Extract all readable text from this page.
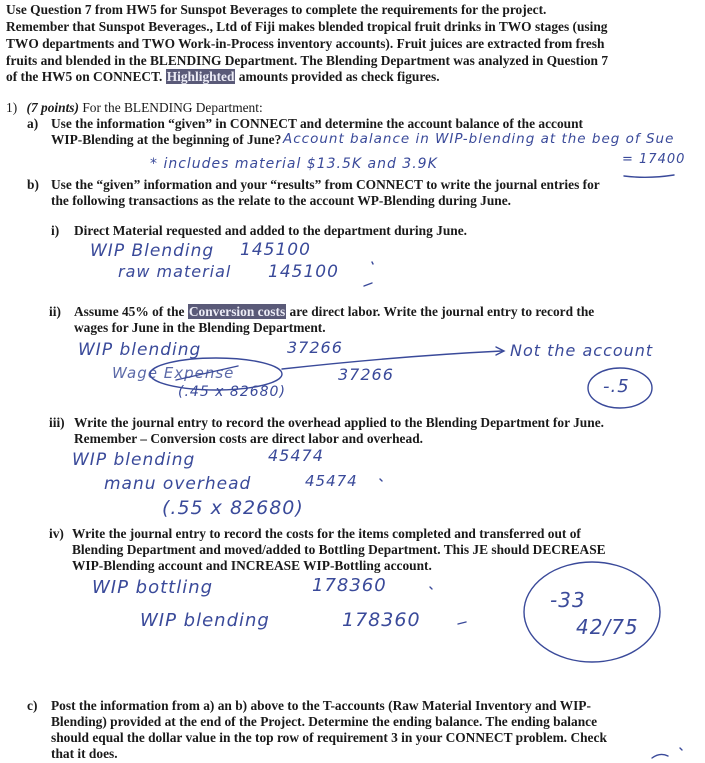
Use Question 7 from HW5 for Sunspot Beverages to complete the requirements for the project.
Remember that Sunspot Beverages., Ltd of Fiji makes blended tropical fruit drinks in TWO stages (using
TWO departments and TWO Work-in-Process inventory accounts). Fruit juices are extracted from fresh
fruits and blended in the BLENDING Department. The Blending Department was analyzed in Question 7
of the HW5 on CONNECT. Highlighted amounts provided as check figures.
1) (7 points) For the BLENDING Department:
a) Use the information “given” in CONNECT and determine the account balance of the account
WIP-Blending at the beginning of June? Account balance in WIP-blending at the beg of Sue
* includes material $13.5K and 3.9K	= 17400
b) Use the “given” information and your “results” from CONNECT to write the journal entries for
the following transactions as the relate to the account WP-Blending during June.
i) Direct Material requested and added to the department during June.
WIP Blending 145100
raw material 145100
ii) Assume 45% of the Conversion costs are direct labor. Write the journal entry to record the
wages for June in the Blending Department.
WIP blending	37266
Wage Expense	37266
(.45 x 82680)
Not the account
-.5
iii) Write the journal entry to record the overhead applied to the Blending Department for June.
Remember – Conversion costs are direct labor and overhead.
WIP blending	45474
manu overhead	45474
(.55 x 82680)
iv) Write the journal entry to record the costs for the items completed and transferred out of
Blending Department and moved/added to Bottling Department. This JE should DECREASE
WIP-Blending account and INCREASE WIP-Bottling account.
WIP bottling	178360
WIP blending	178360
-33
42/75
c) Post the information from a) an b) above to the T-accounts (Raw Material Inventory and WIP-
Blending) provided at the end of the Project. Determine the ending balance. The ending balance
should equal the dollar value in the top row of requirement 3 in your CONNECT problem. Check
that it does.
